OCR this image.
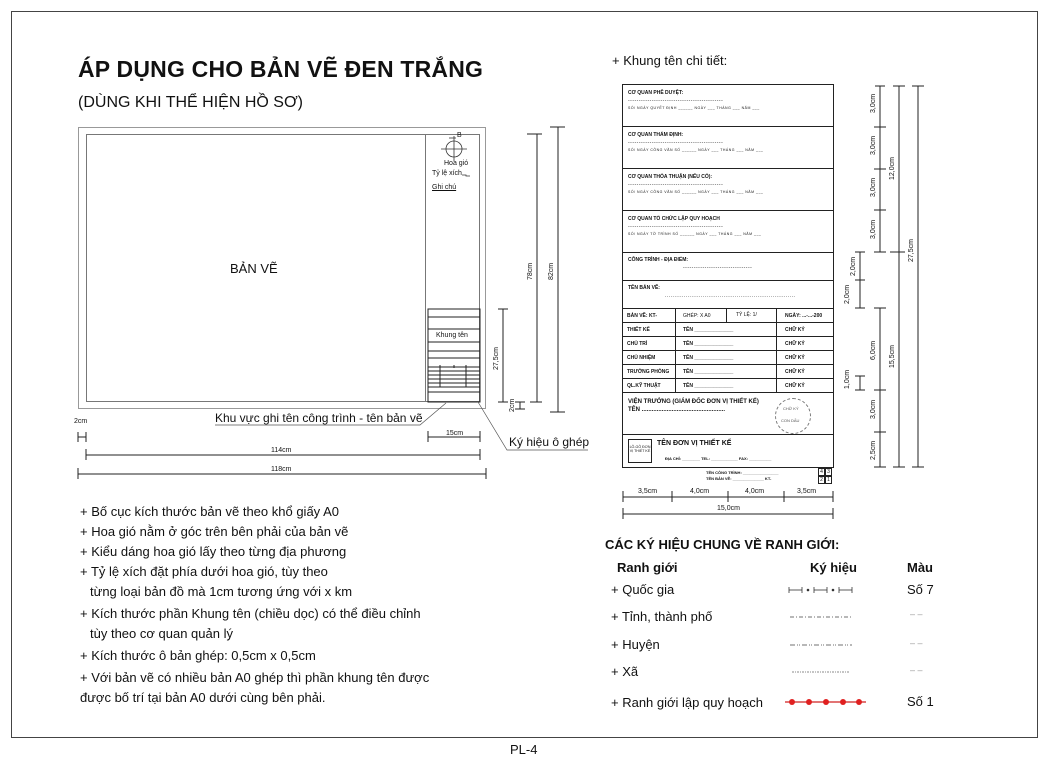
ÁP DỤNG CHO BẢN VẼ ĐEN TRẮNG
(DÙNG KHI THỂ HIỆN HỒ SƠ)
BẢN VẼ
Hoa gió
B
Tỷ lệ xích
Ghi chú
Khung tên
Khu vực ghi tên công trình - tên bản vẽ
Ký hiệu ô ghép
2cm
15cm
114cm
118cm
27,5cm
2cm
78cm 82cm
+ Bố cục kích thước bản vẽ theo khổ giấy A0
+ Hoa gió nằm ở góc trên bên phải của bản vẽ
+ Kiểu dáng hoa gió lấy theo từng địa phương
+ Tỷ lệ xích đặt phía dưới hoa gió, tùy theo
từng loại bản đồ mà 1cm tương ứng với x km
+ Kích thước phần Khung tên (chiều dọc) có thể điều chỉnh
tùy theo cơ quan quản lý
+ Kích thước ô bản ghép: 0,5cm x 0,5cm
+ Với bản vẽ có nhiều bản A0 ghép thì phần khung tên được
được bố trí tại bản A0 dưới cùng bên phải.
+ Khung tên chi tiết:
CƠ QUAN PHÊ DUYỆT:
--------------------------------------------
SỐ/ NGÀY QUYẾT ĐỊNH ______ NGÀY ___ THÁNG ___ NĂM ___
CƠ QUAN THẨM ĐỊNH:
--------------------------------------------
SỐ/ NGÀY CÔNG VĂN SỐ ______ NGÀY ___ THÁNG ___ NĂM ___
CƠ QUAN THỎA THUẬN (NẾU CÓ):
--------------------------------------------
SỐ/ NGÀY CÔNG VĂN SỐ ______ NGÀY ___ THÁNG ___ NĂM ___
CƠ QUAN TỔ CHỨC LẬP QUY HOẠCH
--------------------------------------------
SỐ/ NGÀY TỜ TRÌNH SỐ ______ NGÀY ___ THÁNG ___ NĂM ___
CÔNG TRÌNH - ĐỊA ĐIỂM:
--------------------------------
TÊN BẢN VẼ:
.....................................................................
BẢN VẼ: KT-	GHÉP: X A0	TỶ LỆ: 1/	NGÀY: ...-...-200
THIẾT KẾ	TÊN ______________	CHỮ KÝ
CHỦ TRÌ	TÊN ______________	CHỮ KÝ
CHỦ NHIỆM	TÊN ______________	CHỮ KÝ
TRƯỞNG PHÒNG	TÊN ______________	CHỮ KÝ
QL.KỸ THUẬT	TÊN ______________	CHỮ KÝ
VIỆN TRƯỞNG (GIÁM ĐỐC ĐƠN VỊ THIẾT KẾ)
TÊN ..................................................
TÊN ĐƠN VỊ THIẾT KẾ
ĐỊA CHỈ: ________ TEL: ____________ FAX: __________
LÔ-GÔ ĐƠN VỊ THIẾT KẾ
CHỮ KÝ
CON DẤU
TÊN CÔNG TRÌNH: ________________
TÊN BẢN VẼ: ______________ KT-
4 3
2 1
3,0cm
3,0cm
3,0cm
3,0cm
12,0cm
27,5cm
2,0cm
2,0cm
6,0cm 15,5cm
1,0cm
3,0cm
2,5cm
3,5cm	4,0cm	4,0cm	3,5cm
15,0cm
CÁC KÝ HIỆU CHUNG VỀ RANH GIỚI:
Ranh giới	Ký hiệu	Màu
+ Quốc gia	Số 7
+ Tỉnh, thành phố	– –
+ Huyện	– –
+ Xã	– –
+ Ranh giới lập quy hoạch	Số 1
PL-4
